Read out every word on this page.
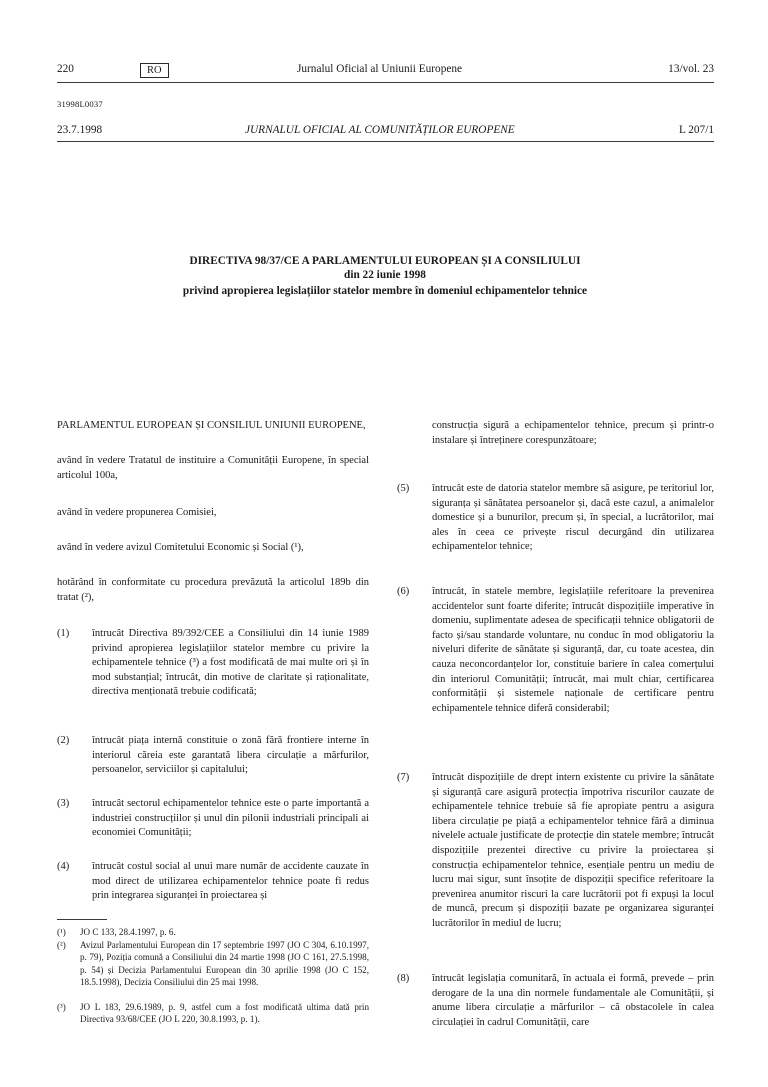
220	RO	Jurnalul Oficial al Uniunii Europene	13/vol. 23
31998L0037
23.7.1998	JURNALUL OFICIAL AL COMUNITĂȚILOR EUROPENE	L 207/1
DIRECTIVA 98/37/CE A PARLAMENTULUI EUROPEAN ȘI A CONSILIULUI
din 22 iunie 1998
privind apropierea legislațiilor statelor membre în domeniul echipamentelor tehnice
PARLAMENTUL EUROPEAN ȘI CONSILIUL UNIUNII EUROPENE,
având în vedere Tratatul de instituire a Comunității Europene, în special articolul 100a,
având în vedere propunerea Comisiei,
având în vedere avizul Comitetului Economic și Social (¹),
hotărând în conformitate cu procedura prevăzută la articolul 189b din tratat (²),
(1) întrucât Directiva 89/392/CEE a Consiliului din 14 iunie 1989 privind apropierea legislațiilor statelor membre cu privire la echipamentele tehnice (³) a fost modificată de mai multe ori și în mod substanțial; întrucât, din motive de claritate și raționalitate, directiva menționată trebuie codificată;
(2) întrucât piața internă constituie o zonă fără frontiere interne în interiorul căreia este garantată libera circulație a mărfurilor, persoanelor, serviciilor și capitalului;
(3) întrucât sectorul echipamentelor tehnice este o parte importantă a industriei construcțiilor și unul din pilonii industriali principali ai economiei Comunității;
(4) întrucât costul social al unui mare număr de accidente cauzate în mod direct de utilizarea echipamentelor tehnice poate fi redus prin integrarea siguranței în proiectarea și
(¹) JO C 133, 28.4.1997, p. 6.
(²) Avizul Parlamentului European din 17 septembrie 1997 (JO C 304, 6.10.1997, p. 79), Poziția comună a Consiliului din 24 martie 1998 (JO C 161, 27.5.1998, p. 54) și Decizia Parlamentului European din 30 aprilie 1998 (JO C 152, 18.5.1998), Decizia Consiliului din 25 mai 1998.
(³) JO L 183, 29.6.1989, p. 9, astfel cum a fost modificată ultima dată prin Directiva 93/68/CEE (JO L 220, 30.8.1993, p. 1).
construcția sigură a echipamentelor tehnice, precum și printr-o instalare și întreținere corespunzătoare;
(5) întrucât este de datoria statelor membre să asigure, pe teritoriul lor, siguranța și sănătatea persoanelor și, dacă este cazul, a animalelor domestice și a bunurilor, precum și, în special, a lucrătorilor, mai ales în ceea ce privește riscul decurgând din utilizarea echipamentelor tehnice;
(6) întrucât, în statele membre, legislațiile referitoare la prevenirea accidentelor sunt foarte diferite; întrucât dispozițiile imperative în domeniu, suplimentate adesea de specificații tehnice obligatorii de facto și/sau standarde voluntare, nu conduc în mod obligatoriu la niveluri diferite de sănătate și siguranță, dar, cu toate acestea, din cauza neconcordanțelor lor, constituie bariere în calea comerțului din interiorul Comunității; întrucât, mai mult chiar, certificarea conformității și sistemele naționale de certificare pentru echipamentele tehnice diferă considerabil;
(7) întrucât dispozițiile de drept intern existente cu privire la sănătate și siguranță care asigură protecția împotriva riscurilor cauzate de echipamentele tehnice trebuie să fie apropiate pentru a asigura libera circulație pe piață a echipamentelor tehnice fără a diminua nivelele actuale justificate de protecție din statele membre; întrucât dispozițiile prezentei directive cu privire la proiectarea și construcția echipamentelor tehnice, esențiale pentru un mediu de lucru mai sigur, sunt însoțite de dispoziții specifice referitoare la prevenirea anumitor riscuri la care lucrătorii pot fi expuși la locul de muncă, precum și dispoziții bazate pe organizarea siguranței lucrătorilor în mediul de lucru;
(8) întrucât legislația comunitară, în actuala ei formă, prevede – prin derogare de la una din normele fundamentale ale Comunității, și anume libera circulație a mărfurilor – că obstacolele în calea circulației în cadrul Comunității, care
